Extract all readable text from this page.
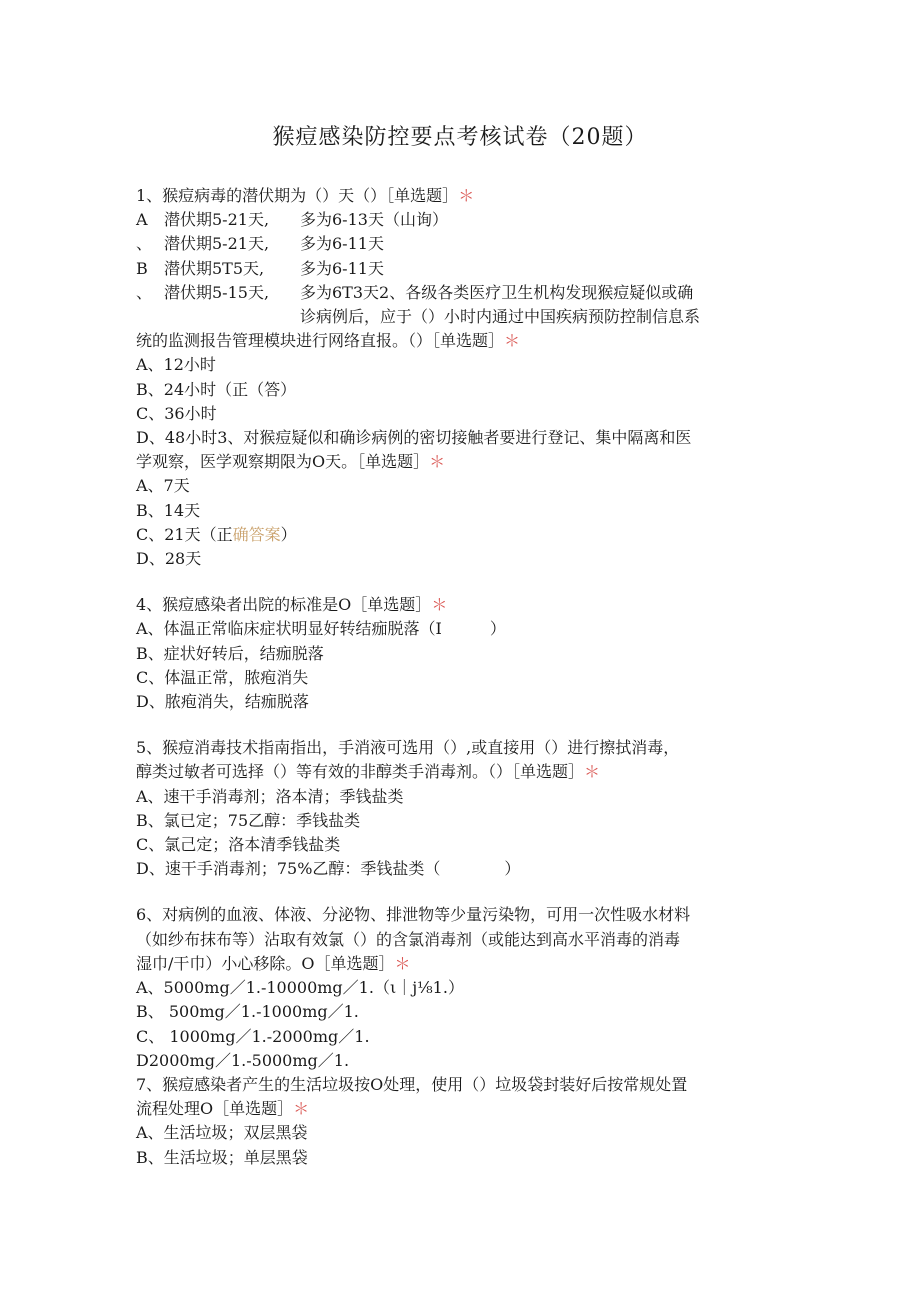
猴痘感染防控要点考核试卷（20题）
1、猴痘病毒的潜伏期为（）天（）［单选题］＊
A 潜伏期5-21天, 多为6-13天（山询）
、 潜伏期5-21天, 多为6-11天
B 潜伏期5T5天, 多为6-11天
、 潜伏期5-15天, 多为6T3天2、各级各类医疗卫生机构发现猴痘疑似或确
诊病例后，应于（）小时内通过中国疾病预防控制信息系
统的监测报告管理模块进行网络直报。（）［单选题］＊
A、12小时
B、24小时（正（答）
C、36小时
D、48小时3、对猴痘疑似和确诊病例的密切接触者要进行登记、集中隔离和医
学观察，医学观察期限为O天。［单选题］＊
A、7天
B、14天
C、21天（正确答案）
D、28天
4、猴痘感染者出院的标准是O［单选题］＊
A、体温正常临床症状明显好转结痂脱落（I　　　）
B、症状好转后，结痂脱落
C、体温正常，脓疱消失
D、脓疱消失，结痂脱落
5、猴痘消毒技术指南指出，手消液可选用（）,或直接用（）进行擦拭消毒，
醇类过敏者可选择（）等有效的非醇类手消毒剂。（）［单选题］＊
A、速干手消毒剂；洛本清；季钱盐类
B、氯已定；75乙醇：季钱盐类
C、氯己定；洛本清季钱盐类
D、速干手消毒剂；75%乙醇：季钱盐类（　　　　）
6、对病例的血液、体液、分泌物、排泄物等少量污染物，可用一次性吸水材料
（如纱布抹布等）沾取有效氯（）的含氯消毒剂（或能达到高水平消毒的消毒
湿巾/干巾）小心移除。O［单选题］＊
A、5000mg／1.-10000mg／1.（ι｜j⅛1.）
B、 500mg／1.-1000mg／1.
C、 1000mg／1.-2000mg／1.
D2000mg／1.-5000mg／1.
7、猴痘感染者产生的生活垃圾按O处理，使用（）垃圾袋封装好后按常规处置
流程处理O［单选题］＊
A、生活垃圾；双层黑袋
B、生活垃圾；单层黑袋
